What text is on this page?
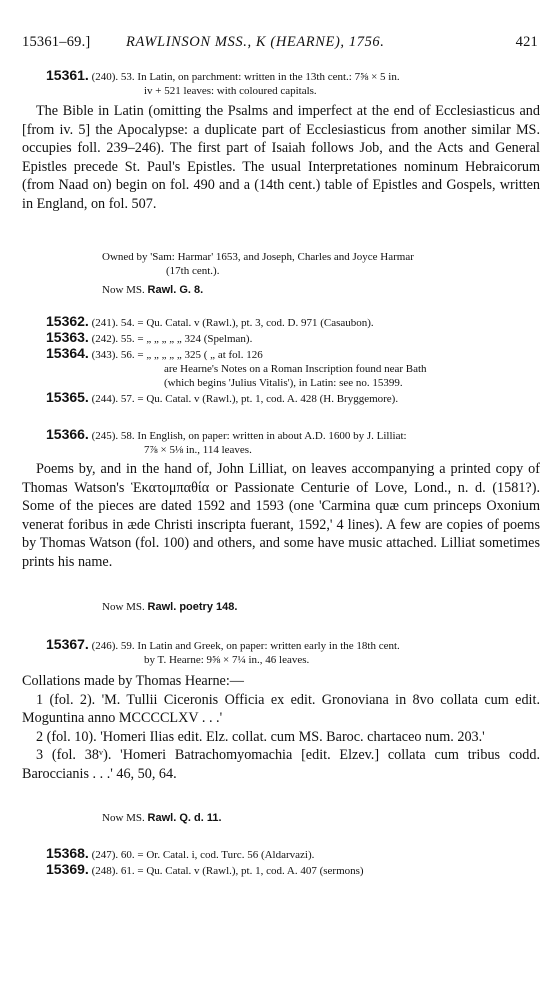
15361–69.] RAWLINSON MSS., K (HEARNE), 1756.	421
15361. (240). 53. In Latin, on parchment: written in the 13th cent.: 7⅝ × 5 in.
iv + 521 leaves: with coloured capitals.

The Bible in Latin (omitting the Psalms and imperfect at the end of Ecclesiasticus and [from iv. 5] the Apocalypse: a duplicate part of Ecclesiasticus from another similar MS. occupies foll. 239–246). The first part of Isaiah follows Job, and the Acts and General Epistles precede St. Paul's Epistles. The usual Interpretationes nominum Hebraicorum (from Naad on) begin on fol. 490 and a (14th cent.) table of Epistles and Gospels, written in England, on fol. 507.

Owned by 'Sam: Harmar' 1653, and Joseph, Charles and Joyce Harmar
(17th cent.).
Now MS. Rawl. G. 8.
15362. (241). 54. = Qu. Catal. v (Rawl.), pt. 3, cod. D. 971 (Casaubon).
15363. (242). 55. = „ „ „ „ „ 324 (Spelman).
15364. (343). 56. = „ „ „ „ „ 325 ( „ at fol. 126
are Hearne's Notes on a Roman Inscription found near Bath
(which begins 'Julius Vitalis'), in Latin: see no. 15399.
15365. (244). 57. = Qu. Catal. v (Rawl.), pt. 1, cod. A. 428 (H. Bryggemore).
15366. (245). 58. In English, on paper: written in about A.D. 1600 by J. Lilliat:
7⅞ × 5⅛ in., 114 leaves.

Poems by, and in the hand of, John Lilliat, on leaves accompanying a printed copy of Thomas Watson's Ἑκατομπαθία or Passionate Centurie of Love, Lond., n. d. (1581?). Some of the pieces are dated 1592 and 1593 (one 'Carmina quæ cum princeps Oxonium venerat foribus in æde Christi inscripta fuerant, 1592,' 4 lines). A few are copies of poems by Thomas Watson (fol. 100) and others, and some have music attached. Lilliat sometimes prints his name.

Now MS. Rawl. poetry 148.
15367. (246). 59. In Latin and Greek, on paper: written early in the 18th cent.
by T. Hearne: 9⅝ × 7¼ in., 46 leaves.

Collations made by Thomas Hearne:—

1 (fol. 2). 'M. Tullii Ciceronis Officia ex edit. Gronoviana in 8vo collata cum edit. Moguntina anno MCCCCLXV . . .'

2 (fol. 10). 'Homeri Ilias edit. Elz. collat. cum MS. Baroc. chartaceo num. 203.'

3 (fol. 38ᵛ). 'Homeri Batrachomyomachia [edit. Elzev.] collata cum tribus codd. Baroccianis . . .' 46, 50, 64.

Now MS. Rawl. Q. d. 11.
15368. (247). 60. = Or. Catal. i, cod. Turc. 56 (Aldarvazi).
15369. (248). 61. = Qu. Catal. v (Rawl.), pt. 1, cod. A. 407 (sermons)
